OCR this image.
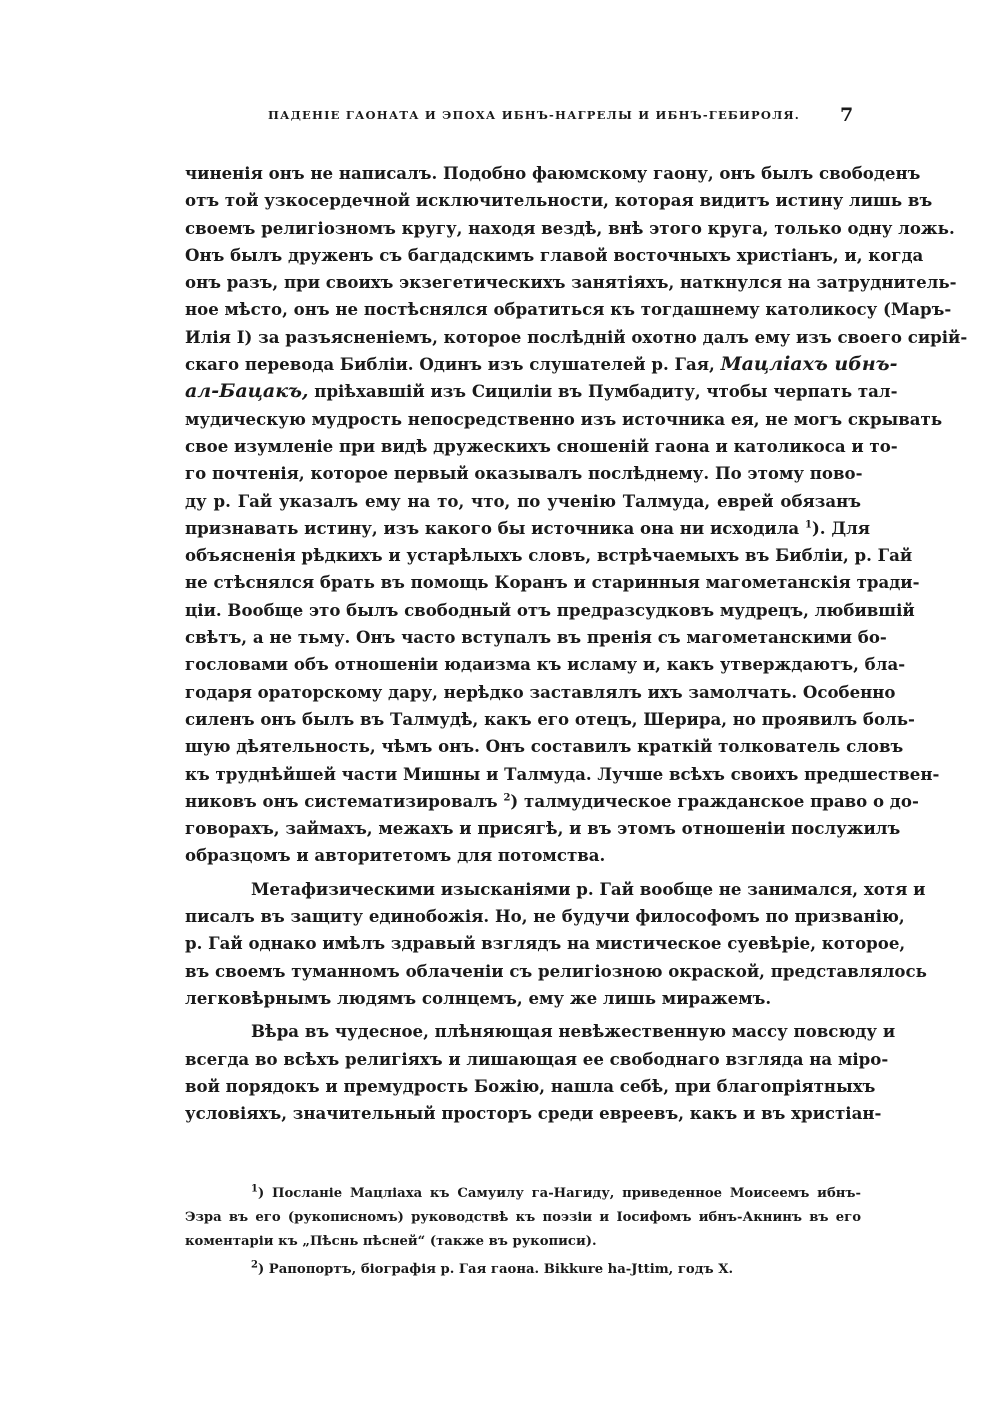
ПАДЕНІЕ ГАОНАТА И ЭПОХА ИБНЪ-НАГРЕЛЫ И ИБНЪ-ГЕБИРОЛЯ. 7
чиненія онъ не написалъ. Подобно фаюмскому гаону, онъ былъ свободенъ
отъ той узкосердечной исключительности, которая видитъ истину лишь въ
своемъ религіозномъ кругу, находя вездѣ, внѣ этого круга, только одну ложь.
Онъ былъ друженъ съ багдадскимъ главой восточныхъ христіанъ, и, когда
онъ разъ, при своихъ экзегетическихъ занятіяхъ, наткнулся на затруднитель-
ное мѣсто, онъ не постѣснялся обратиться къ тогдашнему католикосу (Маръ-
Илія I) за разъясненіемъ, которое послѣдній охотно далъ ему изъ своего сирій-
скаго перевода Библіи. Одинъ изъ слушателей р. Гая, Мацліахъ ибнъ-
ал-Бацакъ, пріѣхавшій изъ Сициліи въ Пумбадиту, чтобы черпать тал-
мудическую мудрость непосредственно изъ источника ея, не могъ скрывать
свое изумленіе при видѣ дружескихъ сношеній гаона и католикоса и то-
го почтенія, которое первый оказывалъ послѣднему. По этому пово-
ду р. Гай указалъ ему на то, что, по ученію Талмуда, еврей обязанъ
признавать истину, изъ какого бы источника она ни исходила $^1$). Для
объясненія рѣдкихъ и устарѣлыхъ словъ, встрѣчаемыхъ въ Библіи, р. Гай
не стѣснялся брать въ помощь Коранъ и старинныя магометанскія тради-
ціи. Вообще это былъ свободный отъ предразсудковъ мудрецъ, любившій
свѣтъ, а не тьму. Онъ часто вступалъ въ пренія съ магометанскими бо-
гословами объ отношеніи юдаизма къ исламу и, какъ утверждаютъ, бла-
годаря ораторскому дару, нерѣдко заставлялъ ихъ замолчать. Особенно
силенъ онъ былъ въ Талмудѣ, какъ его отецъ, Шерира, но проявилъ боль-
шую дѣятельность, чѣмъ онъ. Онъ составилъ краткій толкователь словъ
къ труднѣйшей части Мишны и Талмуда. Лучше всѣхъ своихъ предшествен-
никовъ онъ систематизировалъ $^2$) талмудическое гражданское право о до-
говорахъ, займахъ, межахъ и присягѣ, и въ этомъ отношеніи послужилъ
образцомъ и авторитетомъ для потомства.
Метафизическими изысканіями р. Гай вообще не занимался, хотя и
писалъ въ защиту единобожія. Но, не будучи философомъ по призванію,
р. Гай однако имѣлъ здравый взглядъ на мистическое суевѣріе, которое,
въ своемъ туманномъ облаченіи съ религіозною окраской, представлялось
легковѣрнымъ людямъ солнцемъ, ему же лишь миражемъ.
Вѣра въ чудесное, плѣняющая невѣжественную массу повсюду и
всегда во всѣхъ религіяхъ и лишающая ее свободнаго взгляда на міро-
вой порядокъ и премудрость Божію, нашла себѣ, при благопріятныхъ
условіяхъ, значительный просторъ среди евреевъ, какъ и въ христіан-
$^1$) Посланіе Мацліаха къ Самуилу га-Нагиду, приведенное Моисеемъ ибнъ-
Эзра въ его (рукописномъ) руководствѣ къ поэзіи и Іосифомъ ибнъ-Акнинъ въ его
коментаріи къ „Пѣснь пѣсней“ (также въ рукописи).
$^2$) Рапопортъ, біографія р. Гая гаона. Bikkure ha-Jttim, годъ X.
